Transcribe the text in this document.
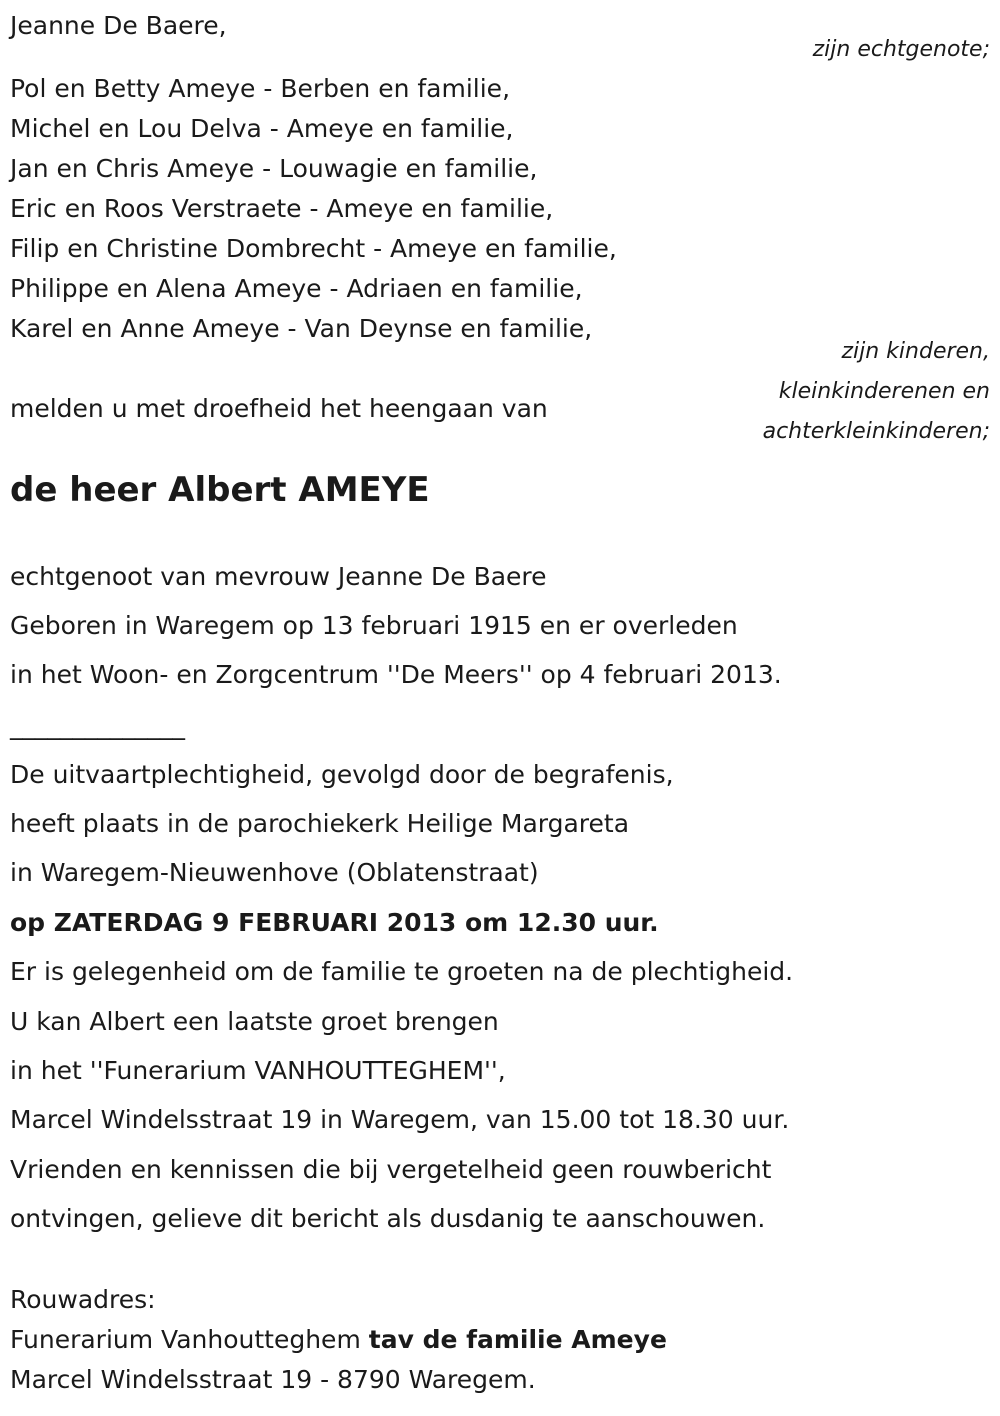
Jeanne De Baere,
zijn echtgenote;
Pol en Betty Ameye - Berben en familie,
Michel en Lou Delva - Ameye en familie,
Jan en Chris Ameye - Louwagie en familie,
Eric en Roos Verstraete - Ameye en familie,
Filip en Christine Dombrecht - Ameye en familie,
Philippe en Alena Ameye - Adriaen en familie,
Karel en Anne Ameye - Van Deynse en familie,
zijn kinderen,
kleinkinderenen en
achterkleinkinderen;
melden u met droefheid het heengaan van
de heer Albert AMEYE
echtgenoot van mevrouw Jeanne De Baere
Geboren in Waregem op 13 februari 1915 en er overleden
in het Woon- en Zorgcentrum ''De Meers'' op 4 februari 2013.
______________
De uitvaartplechtigheid, gevolgd door de begrafenis,
heeft plaats in de parochiekerk Heilige Margareta
in Waregem-Nieuwenhove (Oblatenstraat)
op ZATERDAG 9 FEBRUARI 2013 om 12.30 uur.
Er is gelegenheid om de familie te groeten na de plechtigheid.
U kan Albert een laatste groet brengen
in het ''Funerarium VANHOUTTEGHEM'',
Marcel Windelsstraat 19 in Waregem, van 15.00 tot 18.30 uur.
Vrienden en kennissen die bij vergetelheid geen rouwbericht
ontvingen, gelieve dit bericht als dusdanig te aanschouwen.
Rouwadres:
Funerarium Vanhoutteghem tav de familie Ameye
Marcel Windelsstraat 19 - 8790 Waregem.
